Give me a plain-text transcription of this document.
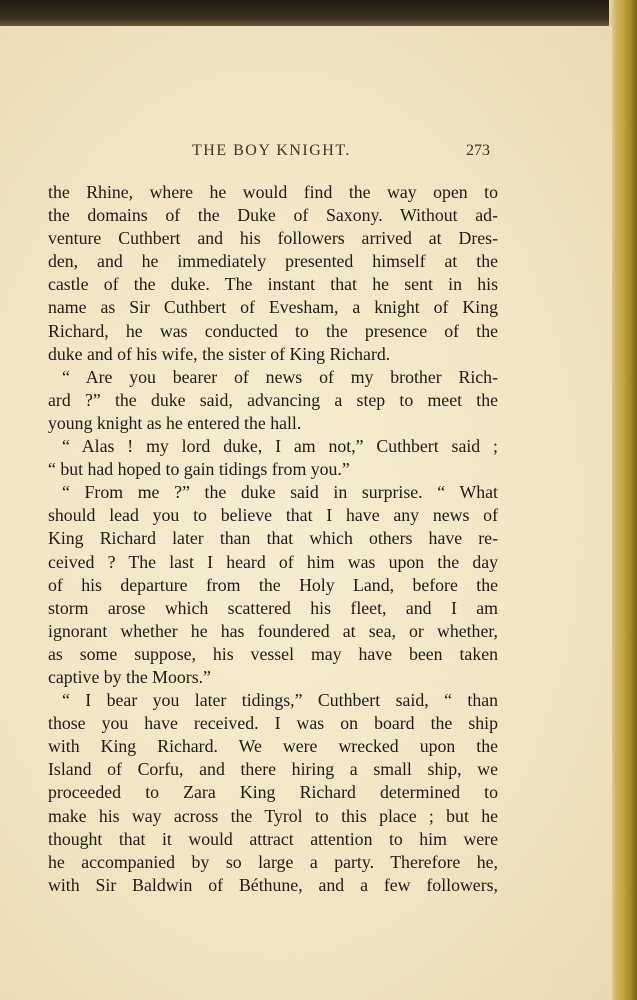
THE BOY KNIGHT.	273
the Rhine, where he would find the way open to
the domains of the Duke of Saxony. Without ad-
venture Cuthbert and his followers arrived at Dres-
den, and he immediately presented himself at the
castle of the duke. The instant that he sent in his
name as Sir Cuthbert of Evesham, a knight of King
Richard, he was conducted to the presence of the
duke and of his wife, the sister of King Richard.
“ Are you bearer of news of my brother Rich-
ard ?” the duke said, advancing a step to meet the
young knight as he entered the hall.
“ Alas ! my lord duke, I am not,” Cuthbert said ;
“ but had hoped to gain tidings from you.”
“ From me ?” the duke said in surprise. “ What
should lead you to believe that I have any news of
King Richard later than that which others have re-
ceived ? The last I heard of him was upon the day
of his departure from the Holy Land, before the
storm arose which scattered his fleet, and I am
ignorant whether he has foundered at sea, or whether,
as some suppose, his vessel may have been taken
captive by the Moors.”
“ I bear you later tidings,” Cuthbert said, “ than
those you have received. I was on board the ship
with King Richard. We were wrecked upon the
Island of Corfu, and there hiring a small ship, we
proceeded to Zara King Richard determined to
make his way across the Tyrol to this place ; but he
thought that it would attract attention to him were
he accompanied by so large a party. Therefore he,
with Sir Baldwin of Béthune, and a few followers,
